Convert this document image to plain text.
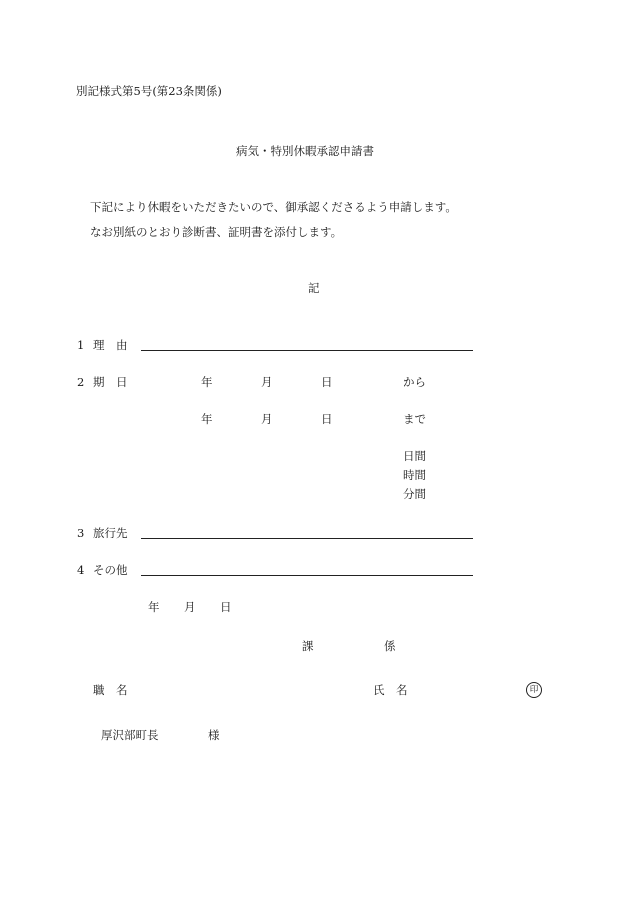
別記様式第5号(第23条関係)
病気・特別休暇承認申請書
下記により休暇をいただきたいので、御承認くださるよう申請します。
なお別紙のとおり診断書、証明書を添付します。
記
1 理　由
2 期　日	年	月	日	から
年	月	日	まで
日間
時間
分間
3 旅行先
4 その他
年 月 日
課	係
職　名	氏　名	印
厚沢部町長	様
